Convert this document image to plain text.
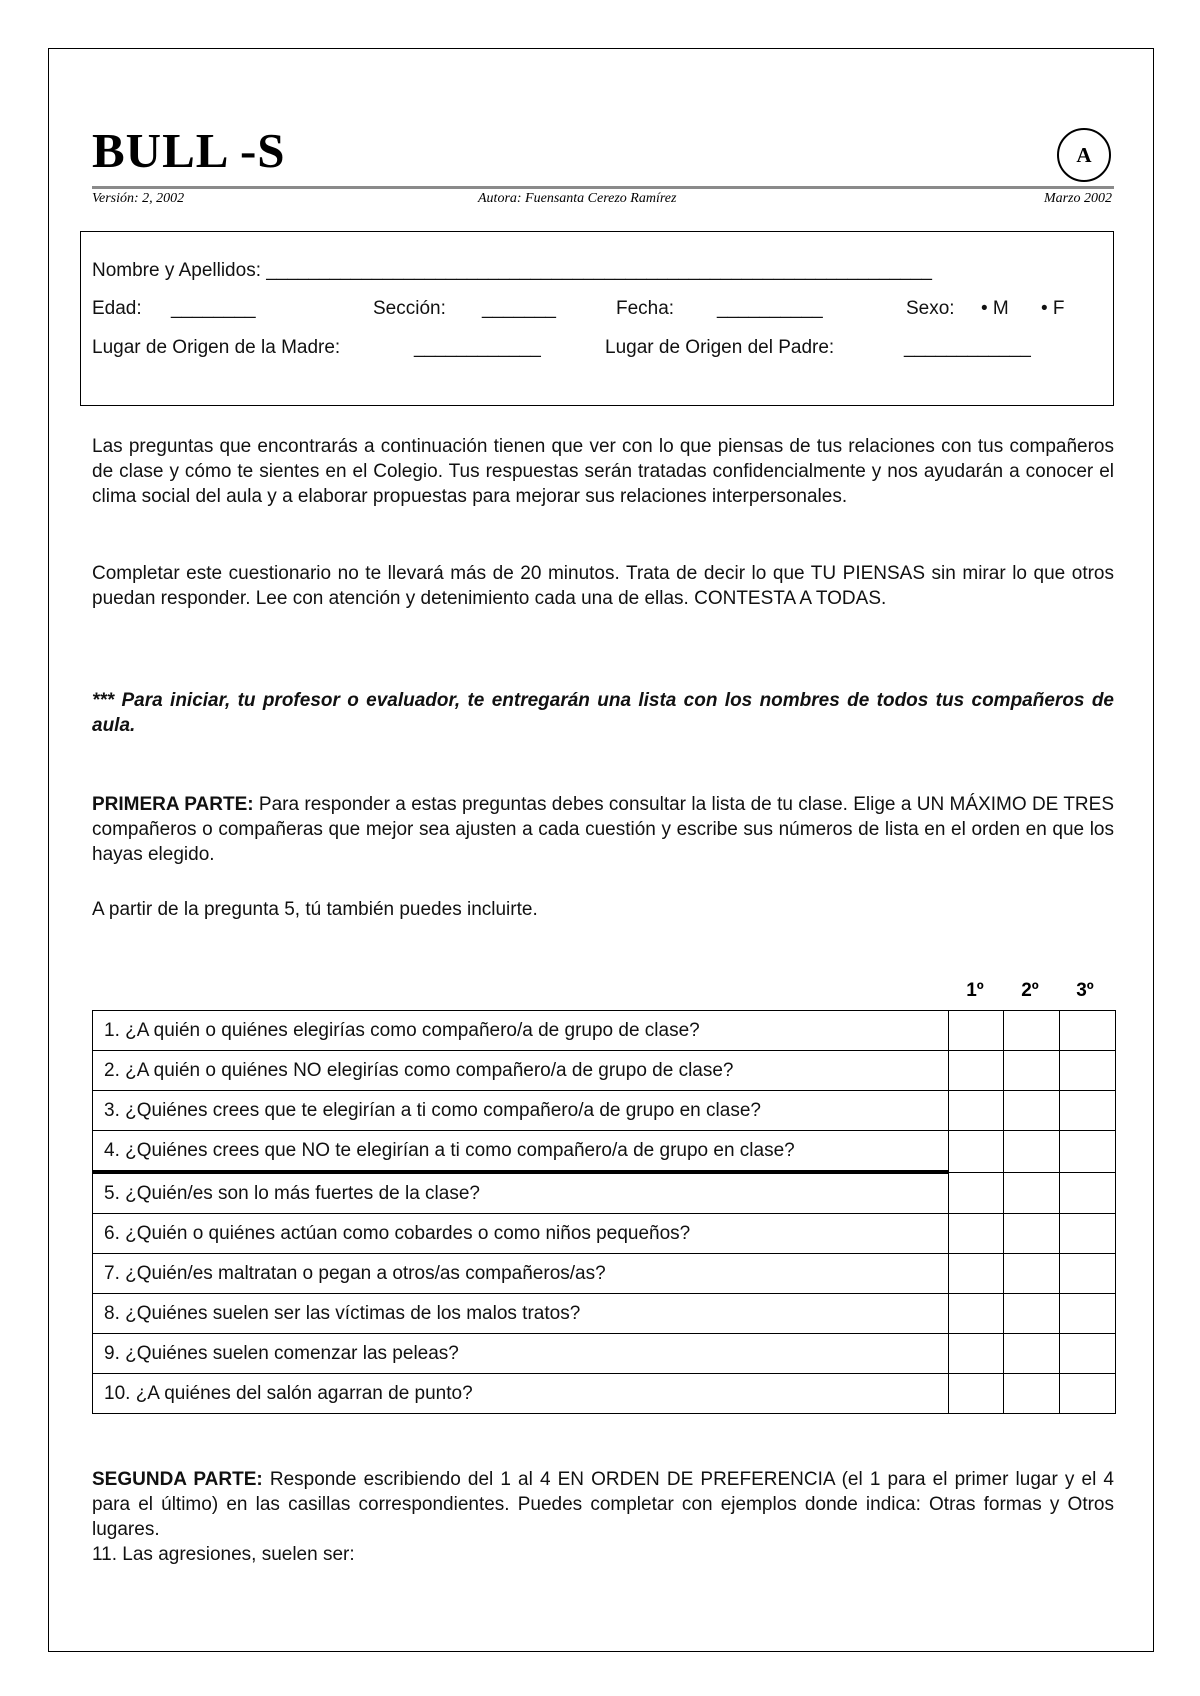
BULL -S	A
Versión: 2, 2002	Autora: Fuensanta Cerezo Ramírez	Marzo 2002
Nombre y Apellidos: _______________________________________________________________
Edad: ________	Sección: _______	Fecha: __________	Sexo: • M • F
Lugar de Origen de la Madre:	____________	Lugar de Origen del Padre:	____________
Las preguntas que encontrarás a continuación tienen que ver con lo que piensas de tus relaciones con tus compañeros de clase y cómo te sientes en el Colegio. Tus respuestas serán tratadas confidencialmente y nos ayudarán a conocer el clima social del aula y a elaborar propuestas para mejorar sus relaciones interpersonales.
Completar este cuestionario no te llevará más de 20 minutos. Trata de decir lo que TU PIENSAS sin mirar lo que otros puedan responder. Lee con atención y detenimiento cada una de ellas. CONTESTA A TODAS.
*** Para iniciar, tu profesor o evaluador, te entregarán una lista con los nombres de todos tus compañeros de aula.
PRIMERA PARTE: Para responder a estas preguntas debes consultar la lista de tu clase. Elige a UN MÁXIMO DE TRES compañeros o compañeras que mejor sea ajusten a cada cuestión y escribe sus números de lista en el orden en que los hayas elegido.
A partir de la pregunta 5, tú también puedes incluirte.
1º	2º	3º
1. ¿A quién o quiénes elegirías como compañero/a de grupo de clase?			
2. ¿A quién o quiénes NO elegirías como compañero/a de grupo de clase?			
3. ¿Quiénes crees que te elegirían a ti como compañero/a de grupo en clase?			
4. ¿Quiénes crees que NO te elegirían a ti como compañero/a de grupo en clase?			
5. ¿Quién/es son lo más fuertes de la clase?			
6. ¿Quién o quiénes actúan como cobardes o como niños pequeños?			
7. ¿Quién/es maltratan o pegan a otros/as compañeros/as?			
8. ¿Quiénes suelen ser las víctimas de los malos tratos?			
9. ¿Quiénes suelen comenzar las peleas?			
10. ¿A quiénes del salón agarran de punto?			
SEGUNDA PARTE: Responde escribiendo del 1 al 4 EN ORDEN DE PREFERENCIA (el 1 para el primer lugar y el 4 para el último) en las casillas correspondientes. Puedes completar con ejemplos donde indica: Otras formas y Otros lugares.
11. Las agresiones, suelen ser:
